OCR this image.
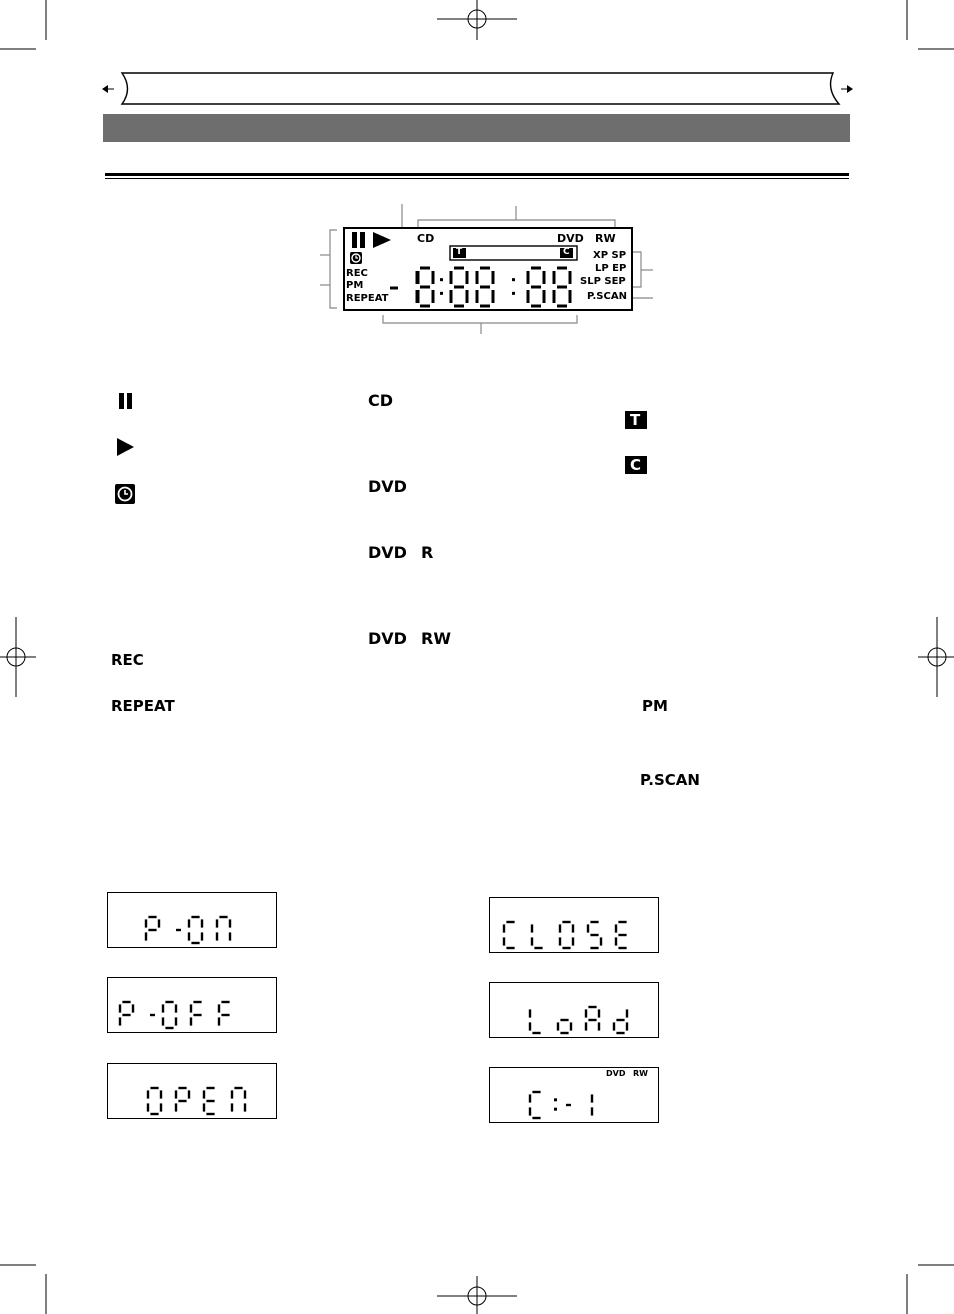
CD	DVD RW
T	C
REC
PM
REPEAT
XP SP
LP EP
SLP SEP
P.SCAN
REC
REPEAT
CD
DVD
DVD R
DVD RW
T
C
PM
P.SCAN
DVD RW
